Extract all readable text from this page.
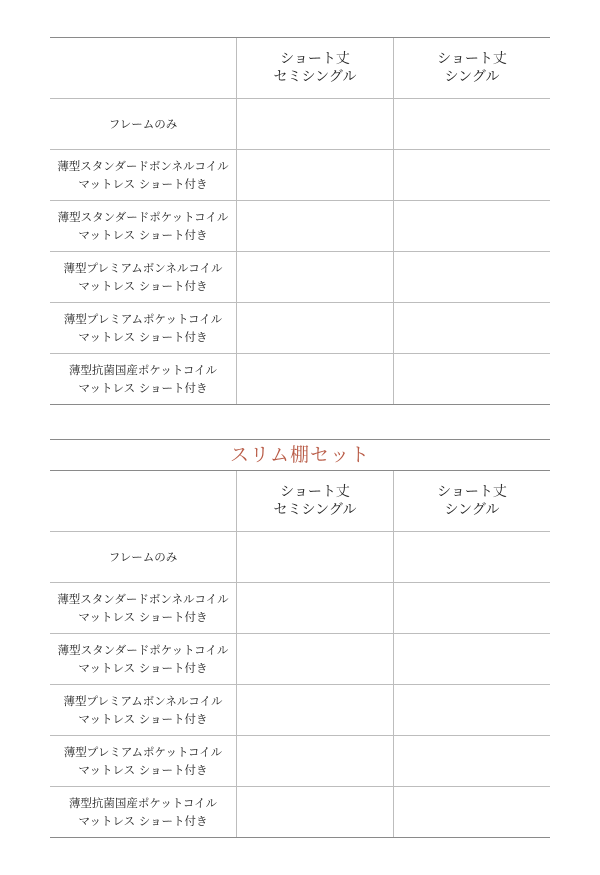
ショート丈
セミシングル
ショート丈
シングル
フレームのみ
薄型スタンダードボンネルコイル
マットレス ショート付き
薄型スタンダードポケットコイル
マットレス ショート付き
薄型プレミアムボンネルコイル
マットレス ショート付き
薄型プレミアムポケットコイル
マットレス ショート付き
薄型抗菌国産ポケットコイル
マットレス ショート付き
スリム棚セット
ショート丈
セミシングル
ショート丈
シングル
フレームのみ
薄型スタンダードボンネルコイル
マットレス ショート付き
薄型スタンダードポケットコイル
マットレス ショート付き
薄型プレミアムボンネルコイル
マットレス ショート付き
薄型プレミアムポケットコイル
マットレス ショート付き
薄型抗菌国産ポケットコイル
マットレス ショート付き
